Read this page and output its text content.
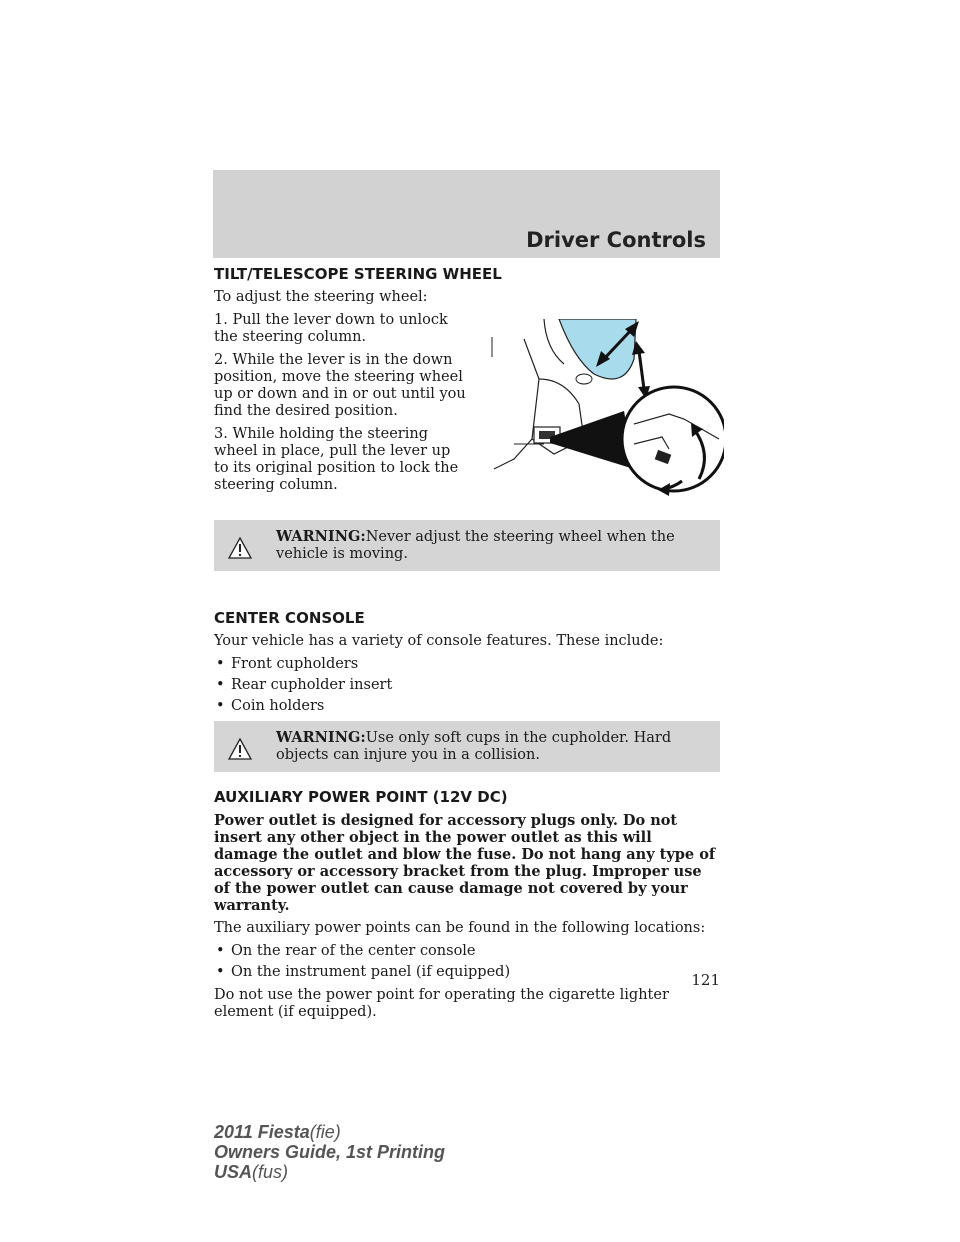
Driver Controls
TILT/TELESCOPE STEERING WHEEL

To adjust the steering wheel:

1. Pull the lever down to unlock the steering column.

2. While the lever is in the down position, move the steering wheel up or down and in or out until you find the desired position.

3. While holding the steering wheel in place, pull the lever up to its original position to lock the steering column.

WARNING:Never adjust the steering wheel when the vehicle is moving.
CENTER CONSOLE

Your vehicle has a variety of console features. These include:

• Front cupholders
• Rear cupholder insert
• Coin holders
WARNING:Use only soft cups in the cupholder. Hard objects can injure you in a collision.
AUXILIARY POWER POINT (12V DC)

Power outlet is designed for accessory plugs only. Do not insert any other object in the power outlet as this will damage the outlet and blow the fuse. Do not hang any type of accessory or accessory bracket from the plug. Improper use of the power outlet can cause damage not covered by your warranty.

The auxiliary power points can be found in the following locations:

• On the rear of the center console
• On the instrument panel (if equipped)

Do not use the power point for operating the cigarette lighter element (if equipped).

121
2011 Fiesta(fie)
Owners Guide, 1st Printing
USA(fus)
